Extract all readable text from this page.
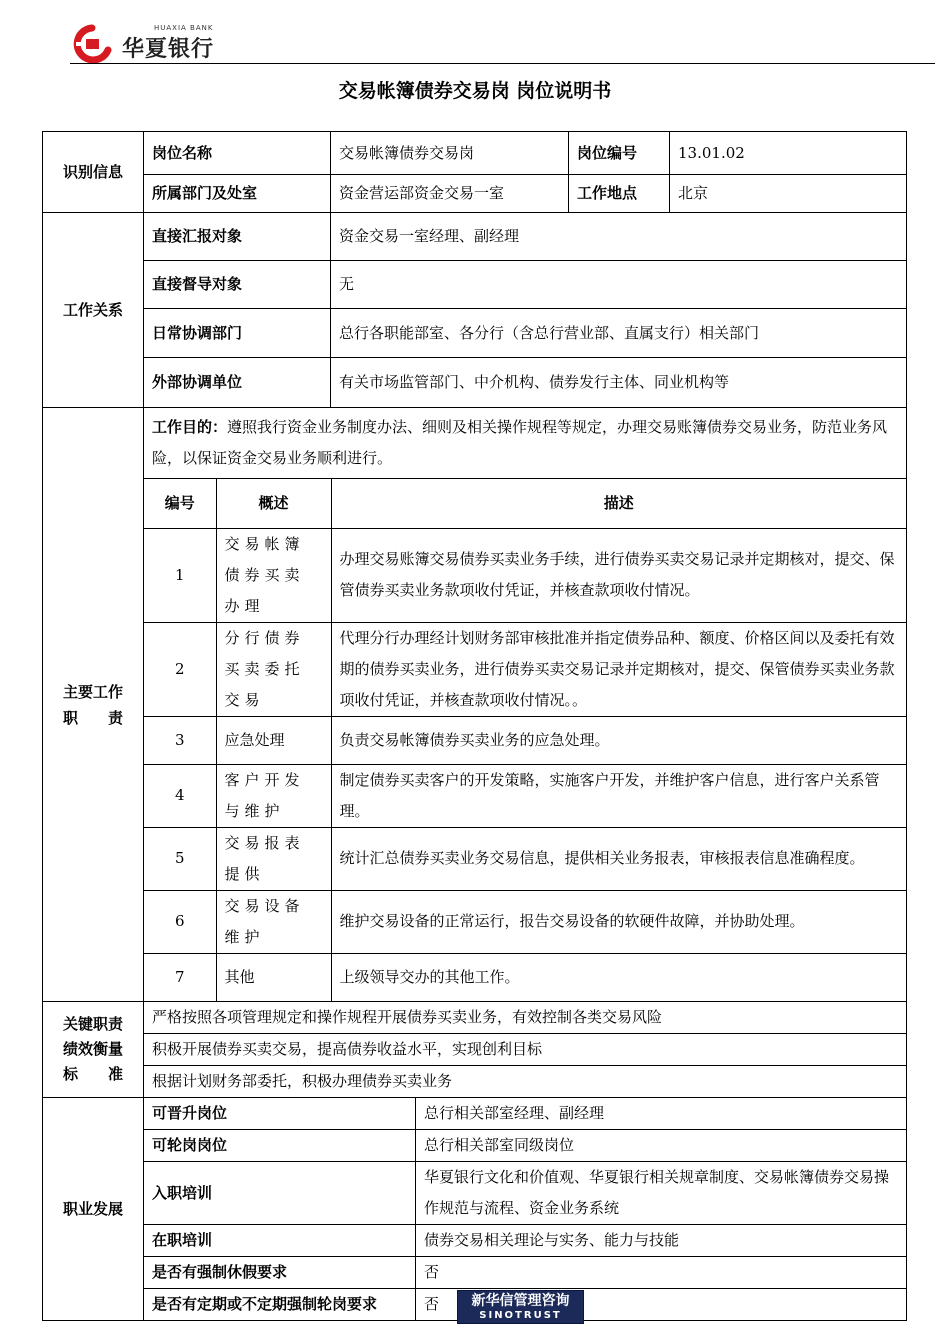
HUAXIA BANK
华夏银行
交易帐簿债券交易岗 岗位说明书
识别信息	岗位名称	交易帐簿债券交易岗	岗位编号	13.01.02
所属部门及处室	资金营运部资金交易一室	工作地点	北京
工作关系	直接汇报对象	资金交易一室经理、副经理
直接督导对象	无
日常协调部门	总行各职能部室、各分行（含总行营业部、直属支行）相关部门
外部协调单位	有关市场监管部门、中介机构、债券发行主体、同业机构等

主要工作
职　　责
	工作目的：遵照我行资金业务制度办法、细则及相关操作规程等规定，办理交易账簿债券交易业务，防范业务风险，以保证资金交易业务顺利进行。

编号	概述	描述
1	交易帐簿债券买卖办理	办理交易账簿交易债券买卖业务手续，进行债券买卖交易记录并定期核对，提交、保管债券买卖业务款项收付凭证，并核查款项收付情况。
2	分行债券买卖委托交易	代理分行办理经计划财务部审核批准并指定债券品种、额度、价格区间以及委托有效期的债券买卖业务，进行债券买卖交易记录并定期核对，提交、保管债券买卖业务款项收付凭证，并核查款项收付情况。。
3	应急处理	负责交易帐簿债券买卖业务的应急处理。
4	客户开发与维护	制定债券买卖客户的开发策略，实施客户开发，并维护客户信息，进行客户关系管理。
5	交易报表提供	统计汇总债券买卖业务交易信息，提供相关业务报表，审核报表信息准确程度。
6	交易设备维护	维护交易设备的正常运行，报告交易设备的软硬件故障，并协助处理。
7	其他	上级领导交办的其他工作。

关键职责
绩效衡量
标　　准
	严格按照各项管理规定和操作规程开展债券买卖业务，有效控制各类交易风险
积极开展债券买卖交易，提高债券收益水平，实现创利目标
根据计划财务部委托，积极办理债券买卖业务
职业发展	可晋升岗位	总行相关部室经理、副经理
可轮岗岗位	总行相关部室同级岗位
入职培训	华夏银行文化和价值观、华夏银行相关规章制度、交易帐簿债券交易操作规范与流程、资金业务系统
在职培训	债券交易相关理论与实务、能力与技能
是否有强制休假要求	否
是否有定期或不定期强制轮岗要求	否	新华信管理咨询
SINOTRUST
